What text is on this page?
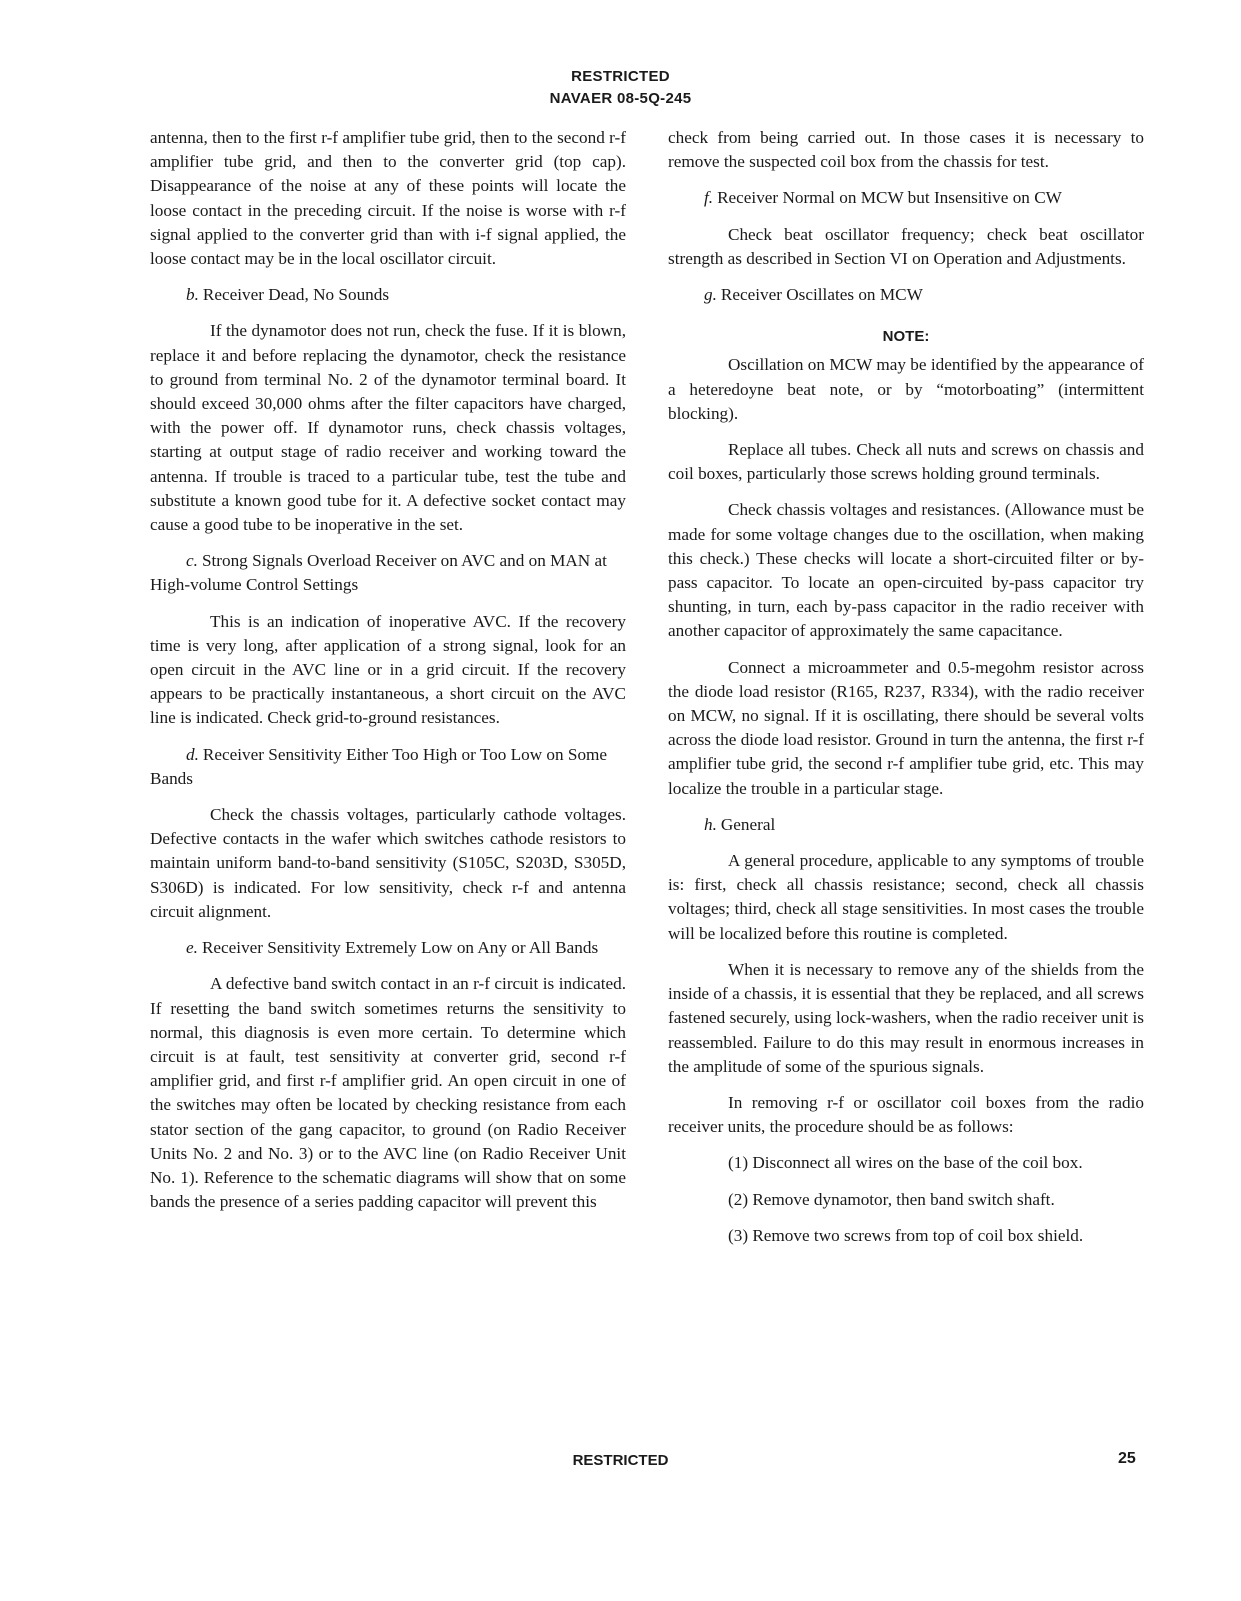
RESTRICTED
NAVAER 08-5Q-245

antenna, then to the first r-f amplifier tube grid, then to the second r-f amplifier tube grid, and then to the converter grid (top cap). Disappearance of the noise at any of these points will locate the loose contact in the preceding circuit. If the noise is worse with r-f signal applied to the converter grid than with i-f signal applied, the loose contact may be in the local oscillator circuit.

b. Receiver Dead, No Sounds

If the dynamotor does not run, check the fuse. If it is blown, replace it and before replacing the dynamotor, check the resistance to ground from terminal No. 2 of the dynamotor terminal board. It should exceed 30,000 ohms after the filter capacitors have charged, with the power off. If dynamotor runs, check chassis voltages, starting at output stage of radio receiver and working toward the antenna. If trouble is traced to a particular tube, test the tube and substitute a known good tube for it. A defective socket contact may cause a good tube to be inoperative in the set.

c. Strong Signals Overload Receiver on AVC and on MAN at High-volume Control Settings

This is an indication of inoperative AVC. If the recovery time is very long, after application of a strong signal, look for an open circuit in the AVC line or in a grid circuit. If the recovery appears to be practically instantaneous, a short circuit on the AVC line is indicated. Check grid-to-ground resistances.

d. Receiver Sensitivity Either Too High or Too Low on Some Bands

Check the chassis voltages, particularly cathode voltages. Defective contacts in the wafer which switches cathode resistors to maintain uniform band-to-band sensitivity (S105C, S203D, S305D, S306D) is indicated. For low sensitivity, check r-f and antenna circuit alignment.

e. Receiver Sensitivity Extremely Low on Any or All Bands

A defective band switch contact in an r-f circuit is indicated. If resetting the band switch sometimes returns the sensitivity to normal, this diagnosis is even more certain. To determine which circuit is at fault, test sensitivity at converter grid, second r-f amplifier grid, and first r-f amplifier grid. An open circuit in one of the switches may often be located by checking resistance from each stator section of the gang capacitor, to ground (on Radio Receiver Units No. 2 and No. 3) or to the AVC line (on Radio Receiver Unit No. 1). Reference to the schematic diagrams will show that on some bands the presence of a series padding capacitor will prevent this

check from being carried out. In those cases it is necessary to remove the suspected coil box from the chassis for test.

f. Receiver Normal on MCW but Insensitive on CW

Check beat oscillator frequency; check beat oscillator strength as described in Section VI on Operation and Adjustments.

g. Receiver Oscillates on MCW
NOTE:

Oscillation on MCW may be identified by the appearance of a heteredoyne beat note, or by “motorboating” (intermittent blocking).

Replace all tubes. Check all nuts and screws on chassis and coil boxes, particularly those screws holding ground terminals.

Check chassis voltages and resistances. (Allowance must be made for some voltage changes due to the oscillation, when making this check.) These checks will locate a short-circuited filter or by-pass capacitor. To locate an open-circuited by-pass capacitor try shunting, in turn, each by-pass capacitor in the radio receiver with another capacitor of approximately the same capacitance.

Connect a microammeter and 0.5-megohm resistor across the diode load resistor (R165, R237, R334), with the radio receiver on MCW, no signal. If it is oscillating, there should be several volts across the diode load resistor. Ground in turn the antenna, the first r-f amplifier tube grid, the second r-f amplifier tube grid, etc. This may localize the trouble in a particular stage.

h. General

A general procedure, applicable to any symptoms of trouble is: first, check all chassis resistance; second, check all chassis voltages; third, check all stage sensitivities. In most cases the trouble will be localized before this routine is completed.

When it is necessary to remove any of the shields from the inside of a chassis, it is essential that they be replaced, and all screws fastened securely, using lock-washers, when the radio receiver unit is reassembled. Failure to do this may result in enormous increases in the amplitude of some of the spurious signals.

In removing r-f or oscillator coil boxes from the radio receiver units, the procedure should be as follows:

(1) Disconnect all wires on the base of the coil box.

(2) Remove dynamotor, then band switch shaft.

(3) Remove two screws from top of coil box shield.

RESTRICTED	25
